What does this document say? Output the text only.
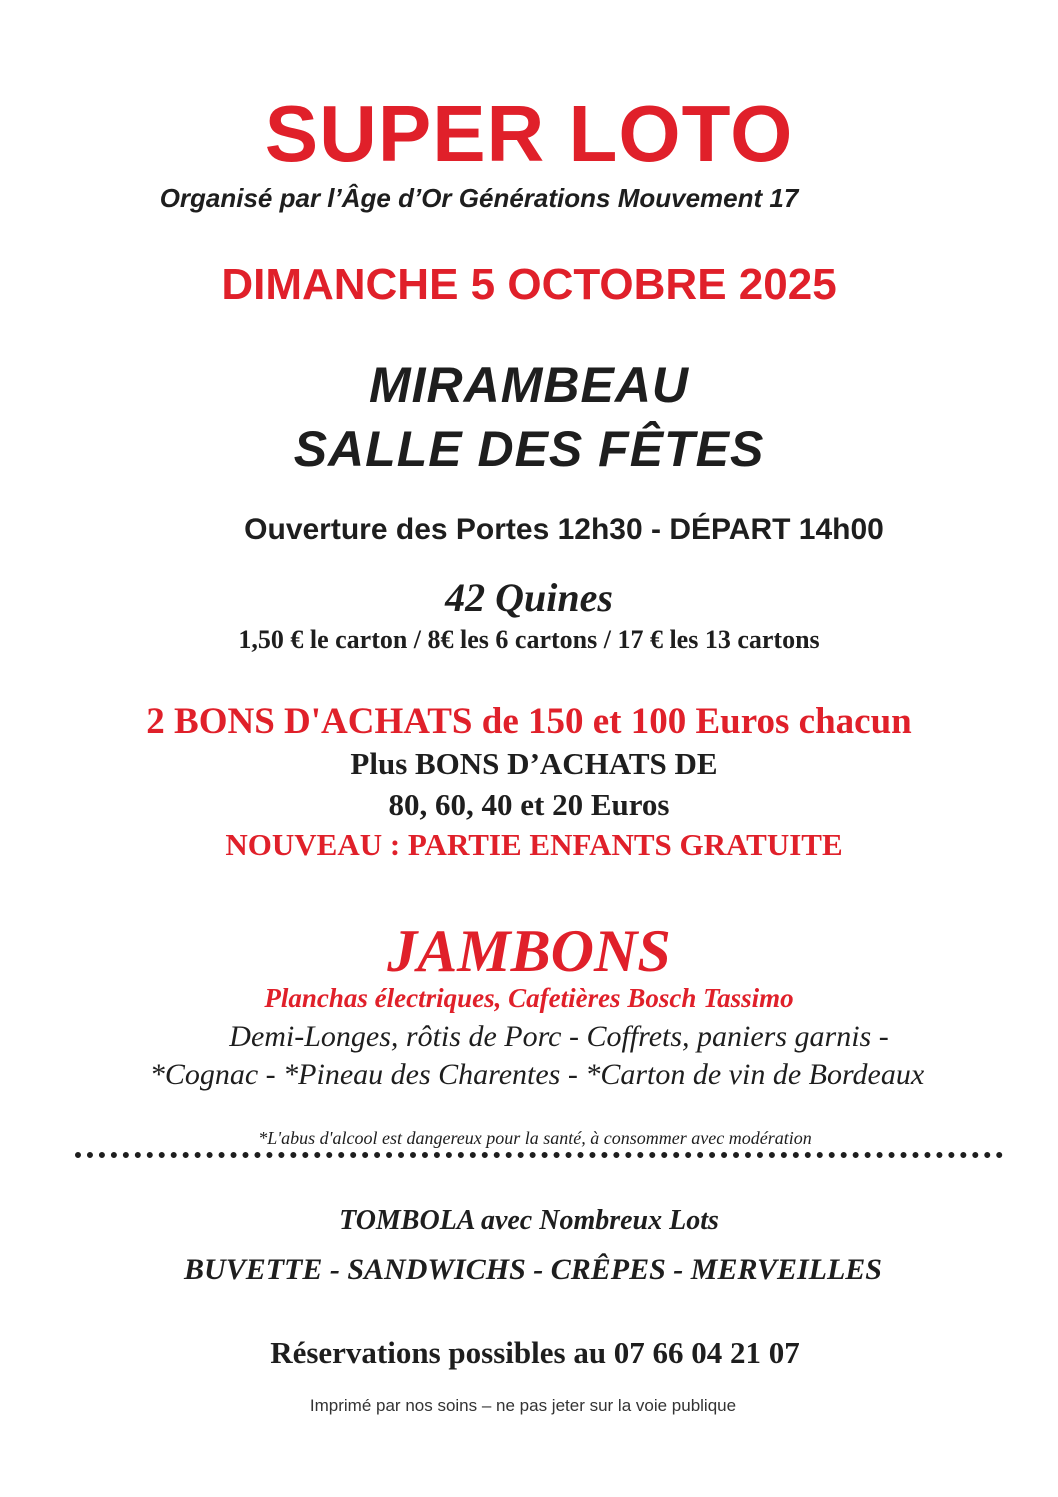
SUPER LOTO
Organisé par l’Âge d’Or Générations Mouvement 17
DIMANCHE 5 OCTOBRE 2025
MIRAMBEAU
SALLE DES FÊTES
Ouverture des Portes 12h30 - DÉPART 14h00
42 Quines
1,50 € le carton / 8€ les 6 cartons / 17 € les 13 cartons
2 BONS D'ACHATS de 150 et 100 Euros chacun
Plus BONS D’ACHATS DE
80, 60, 40 et 20 Euros
NOUVEAU : PARTIE ENFANTS GRATUITE
JAMBONS
Planchas électriques, Cafetières Bosch Tassimo
Demi-Longes, rôtis de Porc - Coffrets, paniers garnis -
*Cognac - *Pineau des Charentes - *Carton de vin de Bordeaux
*L'abus d'alcool est dangereux pour la santé, à consommer avec modération
TOMBOLA avec Nombreux Lots
BUVETTE - SANDWICHS - CRÊPES - MERVEILLES
Réservations possibles au 07 66 04 21 07
Imprimé par nos soins – ne pas jeter sur la voie publique
